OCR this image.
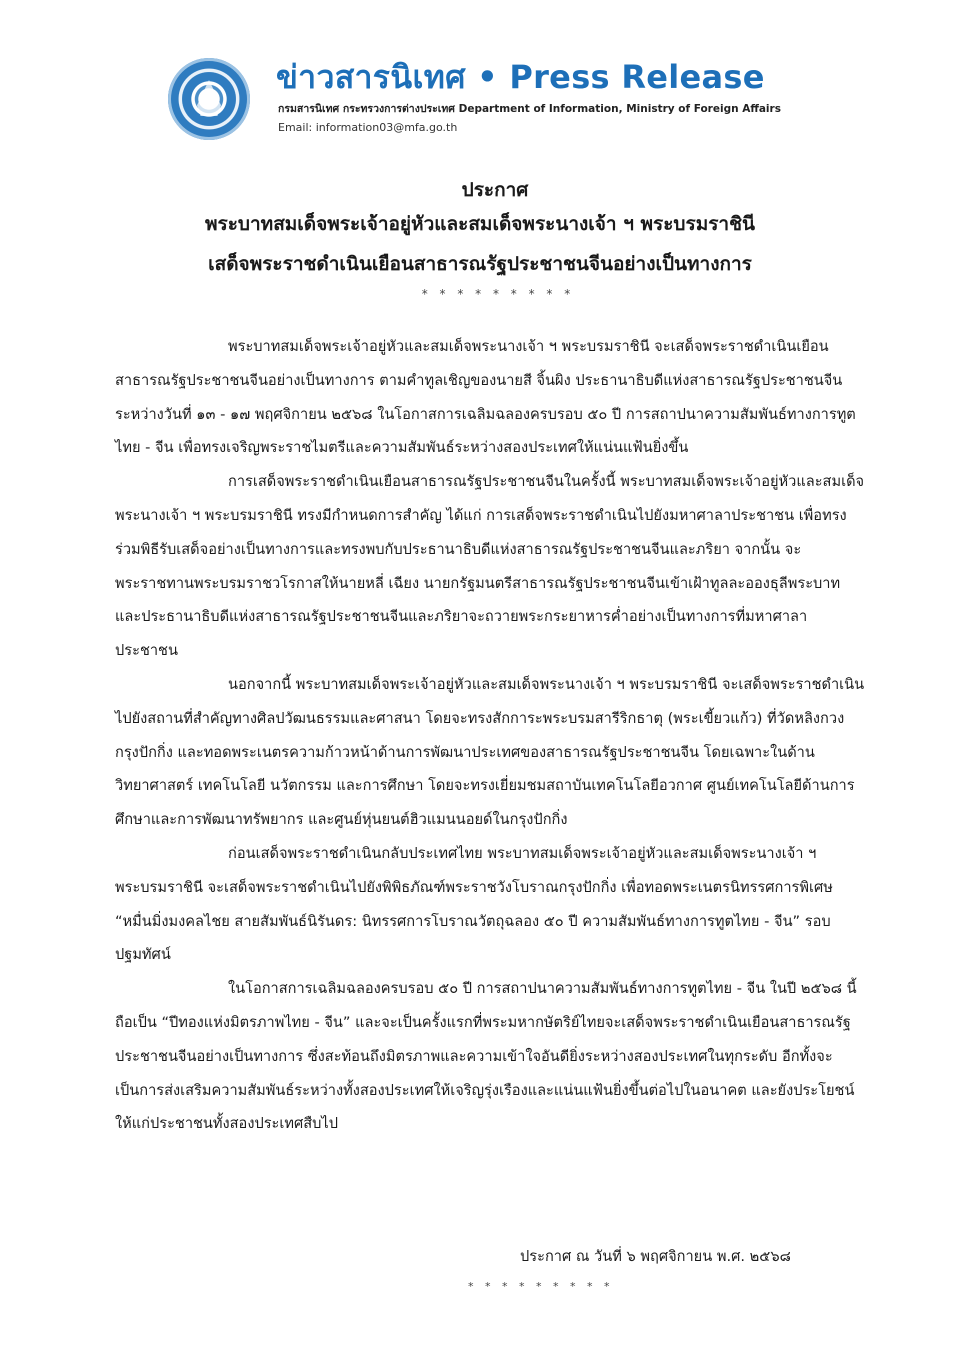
ข่าวสารนิเทศ • Press Release
กรมสารนิเทศ กระทรวงการต่างประเทศ Department of Information, Ministry of Foreign Affairs
Email: information03@mfa.go.th
ประกาศ
พระบาทสมเด็จพระเจ้าอยู่หัวและสมเด็จพระนางเจ้า ฯ พระบรมราชินี
เสด็จพระราชดำเนินเยือนสาธารณรัฐประชาชนจีนอย่างเป็นทางการ
* * * * * * * * *

พระบาทสมเด็จพระเจ้าอยู่หัวและสมเด็จพระนางเจ้า ฯ พระบรมราชินี จะเสด็จพระราชดำเนินเยือนสาธารณรัฐประชาชนจีนอย่างเป็นทางการ ตามคำทูลเชิญของนายสี จิ้นผิง ประธานาธิบดีแห่งสาธารณรัฐประชาชนจีน ระหว่างวันที่ ๑๓ - ๑๗ พฤศจิกายน ๒๕๖๘ ในโอกาสการเฉลิมฉลองครบรอบ ๕๐ ปี การสถาปนาความสัมพันธ์ทางการทูตไทย - จีน เพื่อทรงเจริญพระราชไมตรีและความสัมพันธ์ระหว่างสองประเทศให้แน่นแฟ้นยิ่งขึ้น

การเสด็จพระราชดำเนินเยือนสาธารณรัฐประชาชนจีนในครั้งนี้ พระบาทสมเด็จพระเจ้าอยู่หัวและสมเด็จพระนางเจ้า ฯ พระบรมราชินี ทรงมีกำหนดการสำคัญ ได้แก่ การเสด็จพระราชดำเนินไปยังมหาศาลาประชาชน เพื่อทรงร่วมพิธีรับเสด็จอย่างเป็นทางการและทรงพบกับประธานาธิบดีแห่งสาธารณรัฐประชาชนจีนและภริยา จากนั้น จะพระราชทานพระบรมราชวโรกาสให้นายหลี่ เฉียง นายกรัฐมนตรีสาธารณรัฐประชาชนจีนเข้าเฝ้าทูลละอองธุลีพระบาท และประธานาธิบดีแห่งสาธารณรัฐประชาชนจีนและภริยาจะถวายพระกระยาหารค่ำอย่างเป็นทางการที่มหาศาลาประชาชน

นอกจากนี้ พระบาทสมเด็จพระเจ้าอยู่หัวและสมเด็จพระนางเจ้า ฯ พระบรมราชินี จะเสด็จพระราชดำเนินไปยังสถานที่สำคัญทางศิลปวัฒนธรรมและศาสนา โดยจะทรงสักการะพระบรมสารีริกธาตุ (พระเขี้ยวแก้ว) ที่วัดหลิงกวง กรุงปักกิ่ง และทอดพระเนตรความก้าวหน้าด้านการพัฒนาประเทศของสาธารณรัฐประชาชนจีน โดยเฉพาะในด้านวิทยาศาสตร์ เทคโนโลยี นวัตกรรม และการศึกษา โดยจะทรงเยี่ยมชมสถาบันเทคโนโลยีอวกาศ ศูนย์เทคโนโลยีด้านการศึกษาและการพัฒนาทรัพยากร และศูนย์หุ่นยนต์ฮิวแมนนอยด์ในกรุงปักกิ่ง

ก่อนเสด็จพระราชดำเนินกลับประเทศไทย พระบาทสมเด็จพระเจ้าอยู่หัวและสมเด็จพระนางเจ้า ฯ พระบรมราชินี จะเสด็จพระราชดำเนินไปยังพิพิธภัณฑ์พระราชวังโบราณกรุงปักกิ่ง เพื่อทอดพระเนตรนิทรรศการพิเศษ “หมื่นมิ่งมงคลไชย สายสัมพันธ์นิรันดร: นิทรรศการโบราณวัตถุฉลอง ๕๐ ปี ความสัมพันธ์ทางการทูตไทย - จีน” รอบปฐมทัศน์

ในโอกาสการเฉลิมฉลองครบรอบ ๕๐ ปี การสถาปนาความสัมพันธ์ทางการทูตไทย - จีน ในปี ๒๕๖๘ นี้ ถือเป็น “ปีทองแห่งมิตรภาพไทย - จีน” และจะเป็นครั้งแรกที่พระมหากษัตริย์ไทยจะเสด็จพระราชดำเนินเยือนสาธารณรัฐประชาชนจีนอย่างเป็นทางการ ซึ่งสะท้อนถึงมิตรภาพและความเข้าใจอันดียิ่งระหว่างสองประเทศในทุกระดับ อีกทั้งจะเป็นการส่งเสริมความสัมพันธ์ระหว่างทั้งสองประเทศให้เจริญรุ่งเรืองและแน่นแฟ้นยิ่งขึ้นต่อไปในอนาคต และยังประโยชน์ให้แก่ประชาชนทั้งสองประเทศสืบไป

ประกาศ ณ วันที่ ๖ พฤศจิกายน พ.ศ. ๒๕๖๘
* * * * * * * * *
